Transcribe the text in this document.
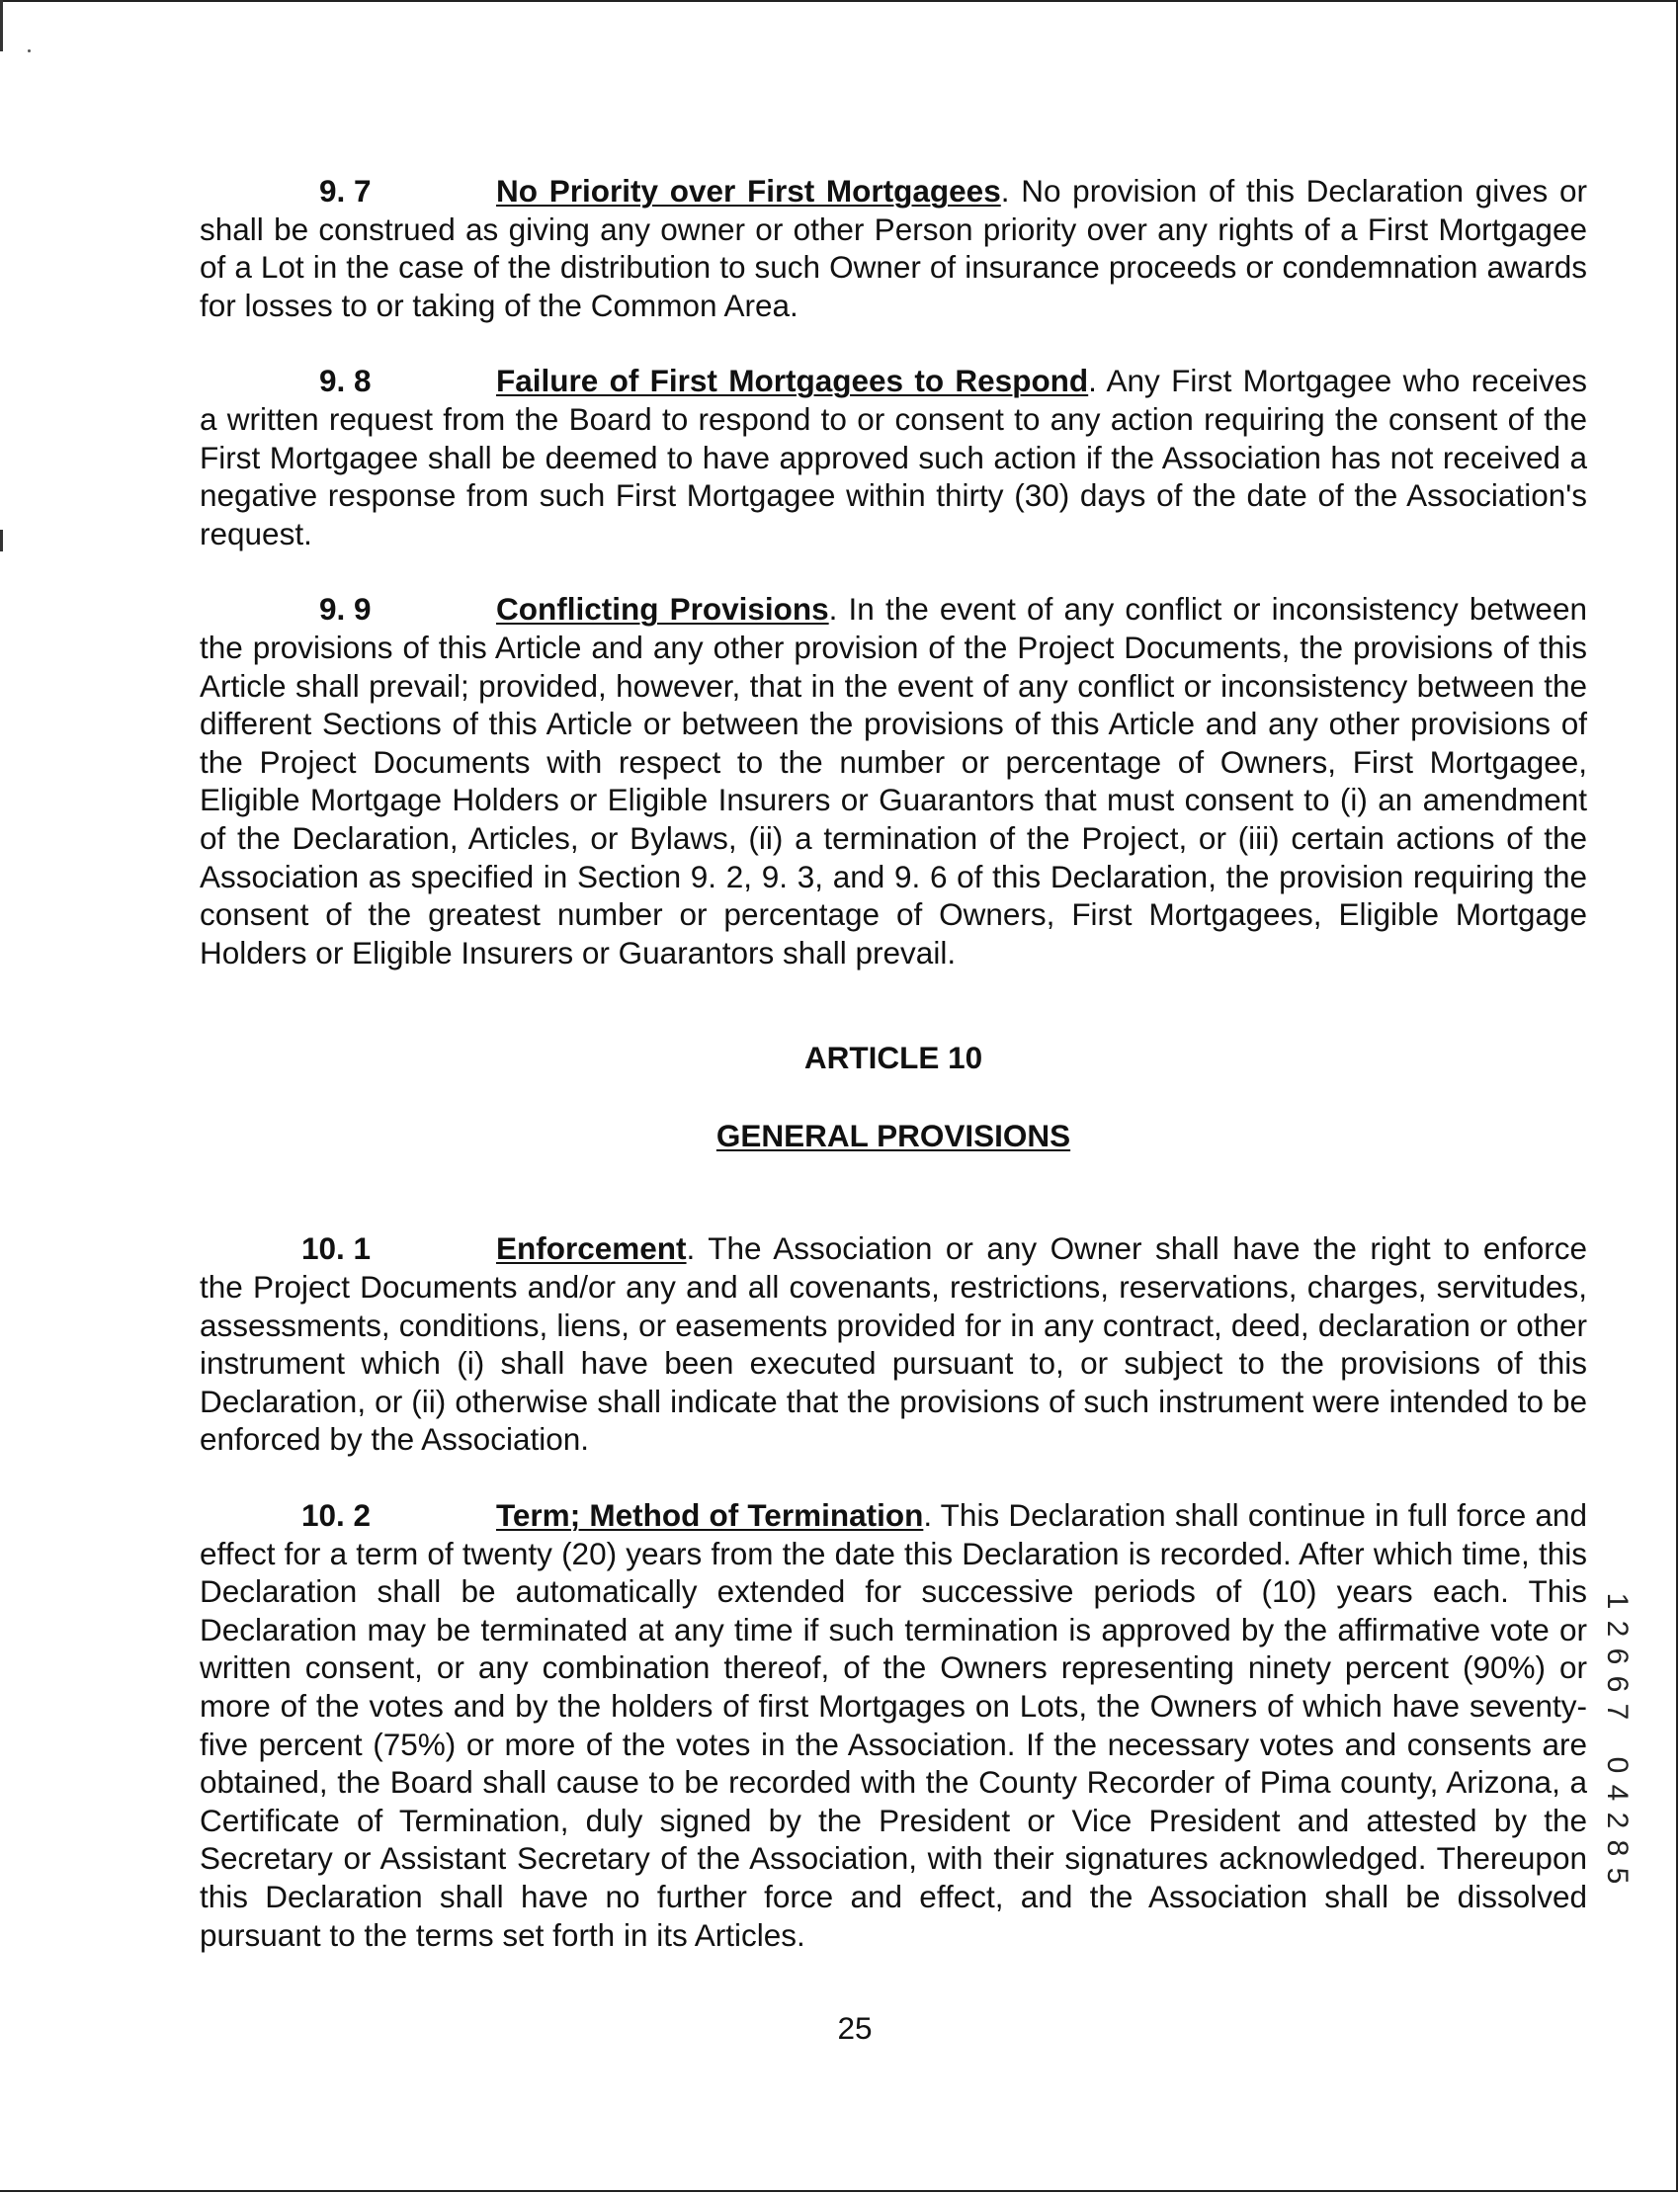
9. 7	No Priority over First Mortgagees. No provision of this Declaration gives or shall be construed as giving any owner or other Person priority over any rights of a First Mortgagee of a Lot in the case of the distribution to such Owner of insurance proceeds or condemnation awards for losses to or taking of the Common Area.

9. 8	Failure of First Mortgagees to Respond. Any First Mortgagee who receives a written request from the Board to respond to or consent to any action requiring the consent of the First Mortgagee shall be deemed to have approved such action if the Association has not received a negative response from such First Mortgagee within thirty (30) days of the date of the Association's request.

9. 9	Conflicting Provisions. In the event of any conflict or inconsistency between the provisions of this Article and any other provision of the Project Documents, the provisions of this Article shall prevail; provided, however, that in the event of any conflict or inconsistency between the different Sections of this Article or between the provisions of this Article and any other provisions of the Project Documents with respect to the number or percentage of Owners, First Mortgagee, Eligible Mortgage Holders or Eligible Insurers or Guarantors that must consent to (i) an amendment of the Declaration, Articles, or Bylaws, (ii) a termination of the Project, or (iii) certain actions of the Association as specified in Section 9. 2, 9. 3, and 9. 6 of this Declaration, the provision requiring the consent of the greatest number or percentage of Owners, First Mortgagees, Eligible Mortgage Holders or Eligible Insurers or Guarantors shall prevail.

ARTICLE 10

GENERAL PROVISIONS

10. 1	Enforcement. The Association or any Owner shall have the right to enforce the Project Documents and/or any and all covenants, restrictions, reservations, charges, servitudes, assessments, conditions, liens, or easements provided for in any contract, deed, declaration or other instrument which (i) shall have been executed pursuant to, or subject to the provisions of this Declaration, or (ii) otherwise shall indicate that the provisions of such instrument were intended to be enforced by the Association.

10. 2	Term; Method of Termination. This Declaration shall continue in full force and effect for a term of twenty (20) years from the date this Declaration is recorded. After which time, this Declaration shall be automatically extended for successive periods of (10) years each. This Declaration may be terminated at any time if such termination is approved by the affirmative vote or written consent, or any combination thereof, of the Owners representing ninety percent (90%) or more of the votes and by the holders of first Mortgages on Lots, the Owners of which have seventy-five percent (75%) or more of the votes in the Association. If the necessary votes and consents are obtained, the Board shall cause to be recorded with the County Recorder of Pima county, Arizona, a Certificate of Termination, duly signed by the President or Vice President and attested by the Secretary or Assistant Secretary of the Association, with their signatures acknowledged. Thereupon this Declaration shall have no further force and effect, and the Association shall be dissolved pursuant to the terms set forth in its Articles.

25
1
2
6
6
7
0
4
2
8
5
